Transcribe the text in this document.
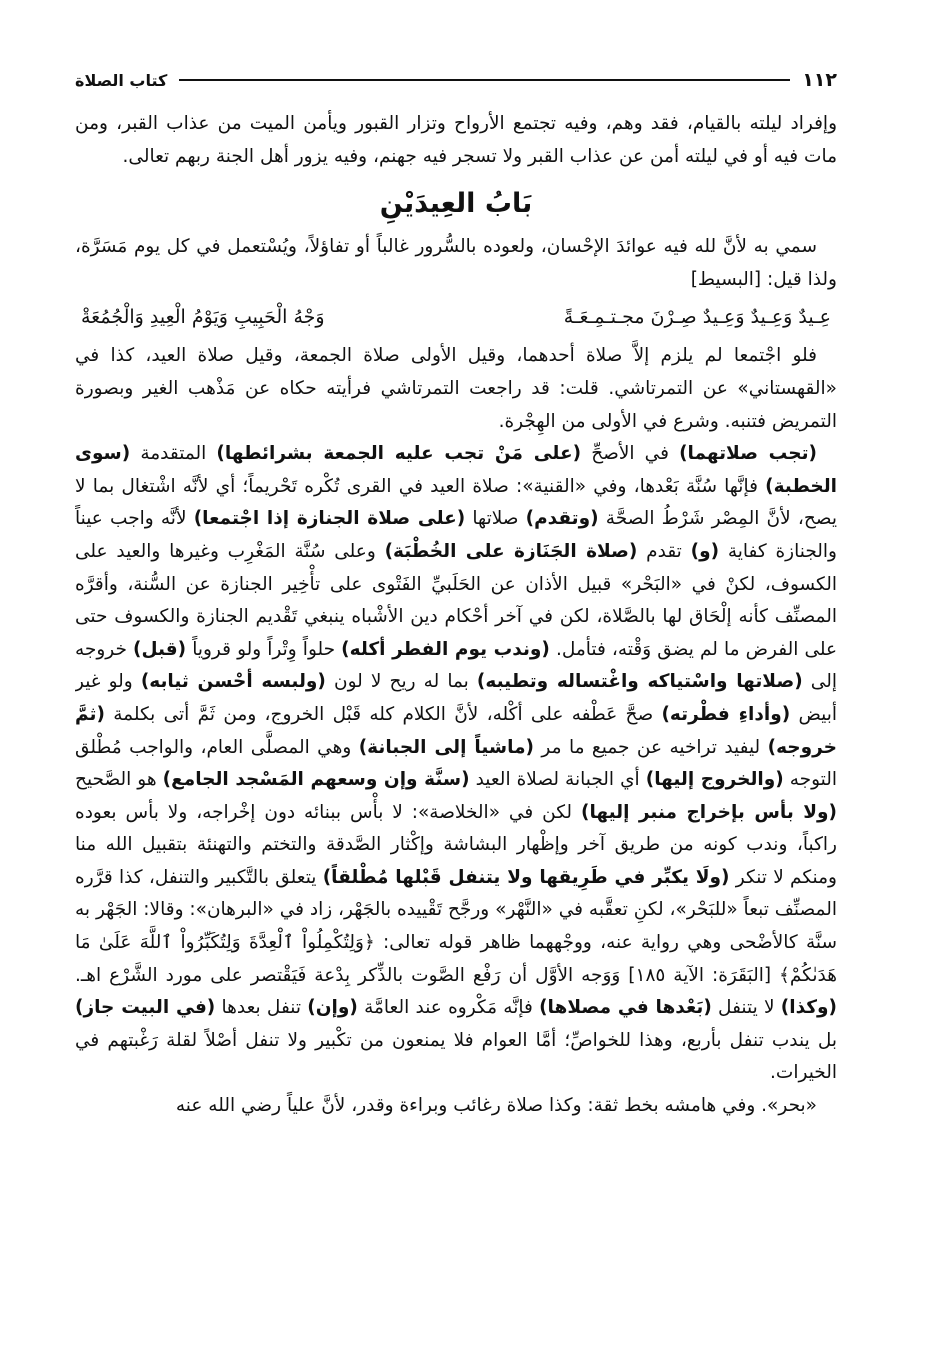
١١٢
كتاب الصلاة

وإفراد ليلته بالقيام، فقد وهم، وفيه تجتمع الأرواح وتزار القبور ويأمن الميت من عذاب القبر، ومن مات فيه أو في ليلته أمن عن عذاب القبر ولا تسجر فيه جهنم، وفيه يزور أهل الجنة ربهم تعالى.

بَابُ العِيدَيْنِ

سمي به لأنَّ لله فيه عوائدَ الإحْسان، ولعوده بالسُّرور غالباً أو تفاؤلاً، ويُسْتعمل في كل يوم مَسَرَّة، ولذا قيل: [البسيط]

عِـيدٌ وَعِـيدٌ وَعِـيدٌ صِـرْنَ مجـتـمِـعَـةً
وَجْهُ الْحَبِيبِ وَيَوْمُ الْعِيدِ وَالْجُمُعَةْ

فلو اجْتمعا لم يلزم إلاَّ صلاة أحدهما، وقيل الأولى صلاة الجمعة، وقيل صلاة العيد، كذا في «القهستاني» عن التمرتاشي. قلت: قد راجعت التمرتاشي فرأيته حكاه عن مَذْهب الغير وبصورة التمريض فتنبه. وشرع في الأولى من الهِجْرة.

(تجب صلاتهما) في الأصحِّ (على مَنْ تجب عليه الجمعة بشرائطها) المتقدمة (سوى الخطبة) فإنَّها سُنَّة بَعْدها، وفي «القنية»: صلاة العيد في القرى تُكْره تَحْريماً؛ أي لأنَّه اشْتغال بما لا يصح، لأنَّ المِصْر شَرْطُ الصحَّة (وتقدم) صلاتها (على صلاة الجنازة إذا اجْتمعا) لأنَّه واجب عيناً والجنازة كفاية (و) تقدم (صلاة الجَنَازة على الخُطْبَة) وعلى سُنَّة المَغْرِب وغيرها والعيد على الكسوف، لكنْ في «البَحْر» قبيل الأذان عن الحَلَبيِّ الفَتْوى على تأْخِير الجنازة عن السُّنة، وأقرَّه المصنِّف كأنه إلْحَاق لها بالصَّلاة، لكن في آخر أحْكام دين الأشْباه ينبغي تَقْديم الجنازة والكسوف حتى على الفرض ما لم يضق وَقْته، فتأمل. (وندب يوم الفطر أكله) حلواً وِتْراً ولو قروياً (قبل) خروجه إلى (صلاتها واسْتياكه واغْتساله وتطيبه) بما له ريح لا لون (ولبسه أحْسن ثيابه) ولو غير أبيض (وأداءِ فطْرته) صحَّ عَطْفه على أكْله، لأنَّ الكلام كله قَبْل الخروج، ومن ثَمَّ أتى بكلمة (ثمَّ خروجه) ليفيد تراخيه عن جميع ما مر (ماشياً إلى الجبانة) وهي المصلَّى العام، والواجب مُطْلق التوجه (والخروج إليها) أي الجبانة لصلاة العيد (سنَّة وإن وسعهم المَسْجد الجامع) هو الصَّحيح (ولا بأس بإخراج منبر إليها) لكن في «الخلاصة»: لا بأْس ببنائه دون إخْراجه، ولا بأس بعوده راكباً، وندب كونه من طريق آخر وإظْهار البشاشة وإكْثار الصَّدقة والتختم والتهنئة بتقبيل الله منا ومنكم لا تنكر (ولَا يكبِّر في طَرِيقها ولا يتنفل قَبْلها مُطْلقاً) يتعلق بالتَّكبير والتنفل، كذا قرَّره المصنِّف تبعاً «للبَحْر»، لكنِ تعقَّبه في «النَّهْر» ورجَّح تَقْييده بالجَهْر، زاد في «البرهان»: وقالا: الجَهْر به سنَّة كالأضْحى وهي رواية عنه، ووجْههما ظاهر قوله تعالى: ﴿وَلِتُكْمِلُواْ ٱلْعِدَّةَ وَلِتُكَبِّرُواْ ٱللَّهَ عَلَىٰ مَا هَدَىٰكُمْ﴾ [البَقَرَة: الآية ١٨٥] وَوَجه الأوَّل أن رَفْع الصَّوت بالذِّكر بِدْعة فَيَقْتصر على مورد الشَّرْع اهـ. (وكذا) لا يتنفل (بَعْدها في مصلاها) فإنَّه مَكْروه عند العامَّة (وإن) تنفل بعدها (في البيت جاز) بل يندب تنفل بأربع، وهذا للخواصِّ؛ أمَّا العوام فلا يمنعون من تكْبير ولا تنفل أصْلاً لقلة رَغْبتهم في الخيرات.

«بحر». وفي هامشه بخط ثقة: وكذا صلاة رغائب وبراءة وقدر، لأنَّ علياً رضي الله عنه
